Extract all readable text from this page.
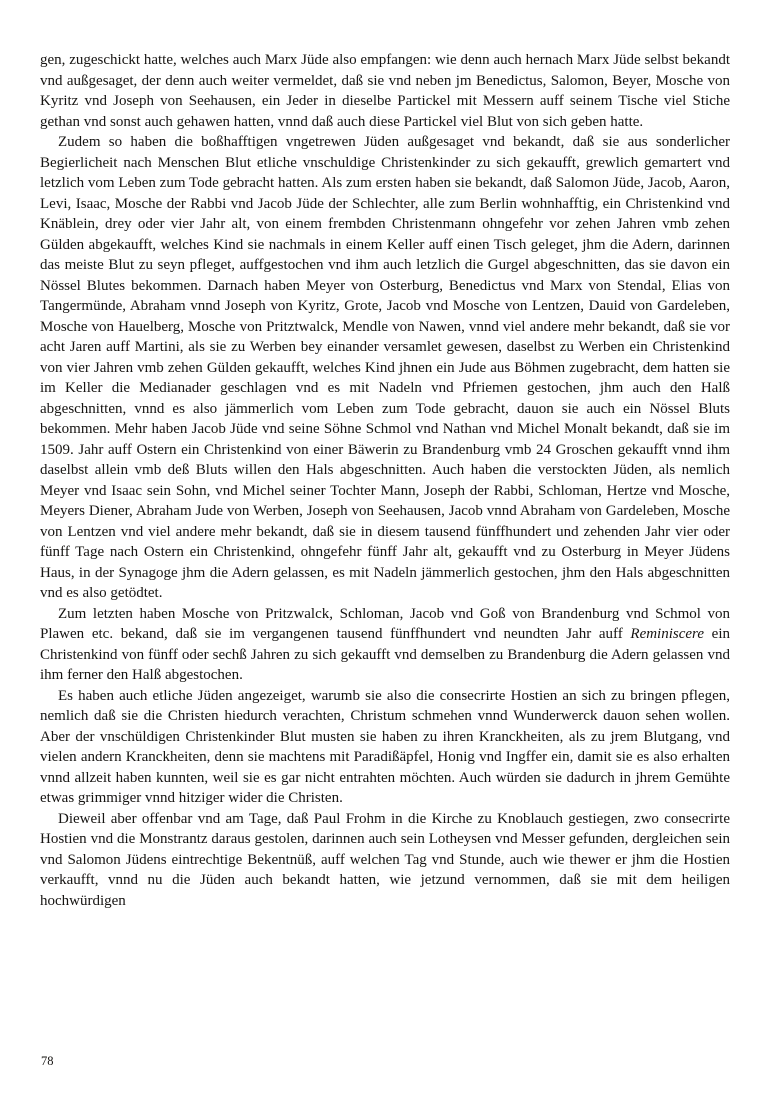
gen, zugeschickt hatte, welches auch Marx Jüde also empfangen: wie denn auch hernach Marx Jüde selbst bekandt vnd außgesaget, der denn auch weiter vermeldet, daß sie vnd neben jm Benedictus, Salomon, Beyer, Mosche von Kyritz vnd Joseph von Seehausen, ein Jeder in dieselbe Partickel mit Messern auff seinem Tische viel Stiche gethan vnd sonst auch gehawen hatten, vnnd daß auch diese Partickel viel Blut von sich geben hatte.

Zudem so haben die boßhafftigen vngetrewen Jüden außgesaget vnd bekandt, daß sie aus sonderlicher Begierlicheit nach Menschen Blut etliche vnschuldige Christenkinder zu sich gekaufft, grewlich gemartert vnd letzlich vom Leben zum Tode gebracht hatten. Als zum ersten haben sie bekandt, daß Salomon Jüde, Jacob, Aaron, Levi, Isaac, Mosche der Rabbi vnd Jacob Jüde der Schlechter, alle zum Berlin wohnhafftig, ein Christenkind vnd Knäblein, drey oder vier Jahr alt, von einem frembden Christenmann ohngefehr vor zehen Jahren vmb zehen Gülden abgekaufft, welches Kind sie nachmals in einem Keller auff einen Tisch geleget, jhm die Adern, darinnen das meiste Blut zu seyn pfleget, auffgestochen vnd ihm auch letzlich die Gurgel abgeschnitten, das sie davon ein Nössel Blutes bekommen. Darnach haben Meyer von Osterburg, Benedictus vnd Marx von Stendal, Elias von Tangermünde, Abraham vnnd Joseph von Kyritz, Grote, Jacob vnd Mosche von Lentzen, Dauid von Gardeleben, Mosche von Hauelberg, Mosche von Pritztwalck, Mendle von Nawen, vnnd viel andere mehr bekandt, daß sie vor acht Jaren auff Martini, als sie zu Werben bey einander versamlet gewesen, daselbst zu Werben ein Christenkind von vier Jahren vmb zehen Gülden gekaufft, welches Kind jhnen ein Jude aus Böhmen zugebracht, dem hatten sie im Keller die Medianader geschlagen vnd es mit Nadeln vnd Pfriemen gestochen, jhm auch den Halß abgeschnitten, vnnd es also jämmerlich vom Leben zum Tode gebracht, dauon sie auch ein Nössel Bluts bekommen. Mehr haben Jacob Jüde vnd seine Söhne Schmol vnd Nathan vnd Michel Monalt bekandt, daß sie im 1509. Jahr auff Ostern ein Christenkind von einer Bäwerin zu Brandenburg vmb 24 Groschen gekaufft vnnd ihm daselbst allein vmb deß Bluts willen den Hals abgeschnitten. Auch haben die verstockten Jüden, als nemlich Meyer vnd Isaac sein Sohn, vnd Michel seiner Tochter Mann, Joseph der Rabbi, Schloman, Hertze vnd Mosche, Meyers Diener, Abraham Jude von Werben, Joseph von Seehausen, Jacob vnnd Abraham von Gardeleben, Mosche von Lentzen vnd viel andere mehr bekandt, daß sie in diesem tausend fünffhundert und zehenden Jahr vier oder fünff Tage nach Ostern ein Christenkind, ohngefehr fünff Jahr alt, gekaufft vnd zu Osterburg in Meyer Jüdens Haus, in der Synagoge jhm die Adern gelassen, es mit Nadeln jämmerlich gestochen, jhm den Hals abgeschnitten vnd es also getödtet.

Zum letzten haben Mosche von Pritzwalck, Schloman, Jacob vnd Goß von Brandenburg vnd Schmol von Plawen etc. bekand, daß sie im vergangenen tausend fünffhundert vnd neundten Jahr auff Reminiscere ein Christenkind von fünff oder sechß Jahren zu sich gekaufft vnd demselben zu Brandenburg die Adern gelassen vnd ihm ferner den Halß abgestochen.

Es haben auch etliche Jüden angezeiget, warumb sie also die consecrirte Hostien an sich zu bringen pflegen, nemlich daß sie die Christen hiedurch verachten, Christum schmehen vnnd Wunderwerck dauon sehen wollen. Aber der vnschüldigen Christenkinder Blut musten sie haben zu ihren Kranckheiten, als zu jrem Blutgang, vnd vielen andern Kranckheiten, denn sie machtens mit Paradißäpfel, Honig vnd Ingffer ein, damit sie es also erhalten vnnd allzeit haben kunnten, weil sie es gar nicht entrahten möchten. Auch würden sie dadurch in jhrem Gemühte etwas grimmiger vnnd hitziger wider die Christen.

Dieweil aber offenbar vnd am Tage, daß Paul Frohm in die Kirche zu Knoblauch gestiegen, zwo consecrirte Hostien vnd die Monstrantz daraus gestolen, darinnen auch sein Lotheysen vnd Messer gefunden, dergleichen sein vnd Salomon Jüdens eintrechtige Bekentnüß, auff welchen Tag vnd Stunde, auch wie thewer er jhm die Hostien verkaufft, vnnd nu die Jüden auch bekandt hatten, wie jetzund vernommen, daß sie mit dem heiligen hochwürdigen

78
